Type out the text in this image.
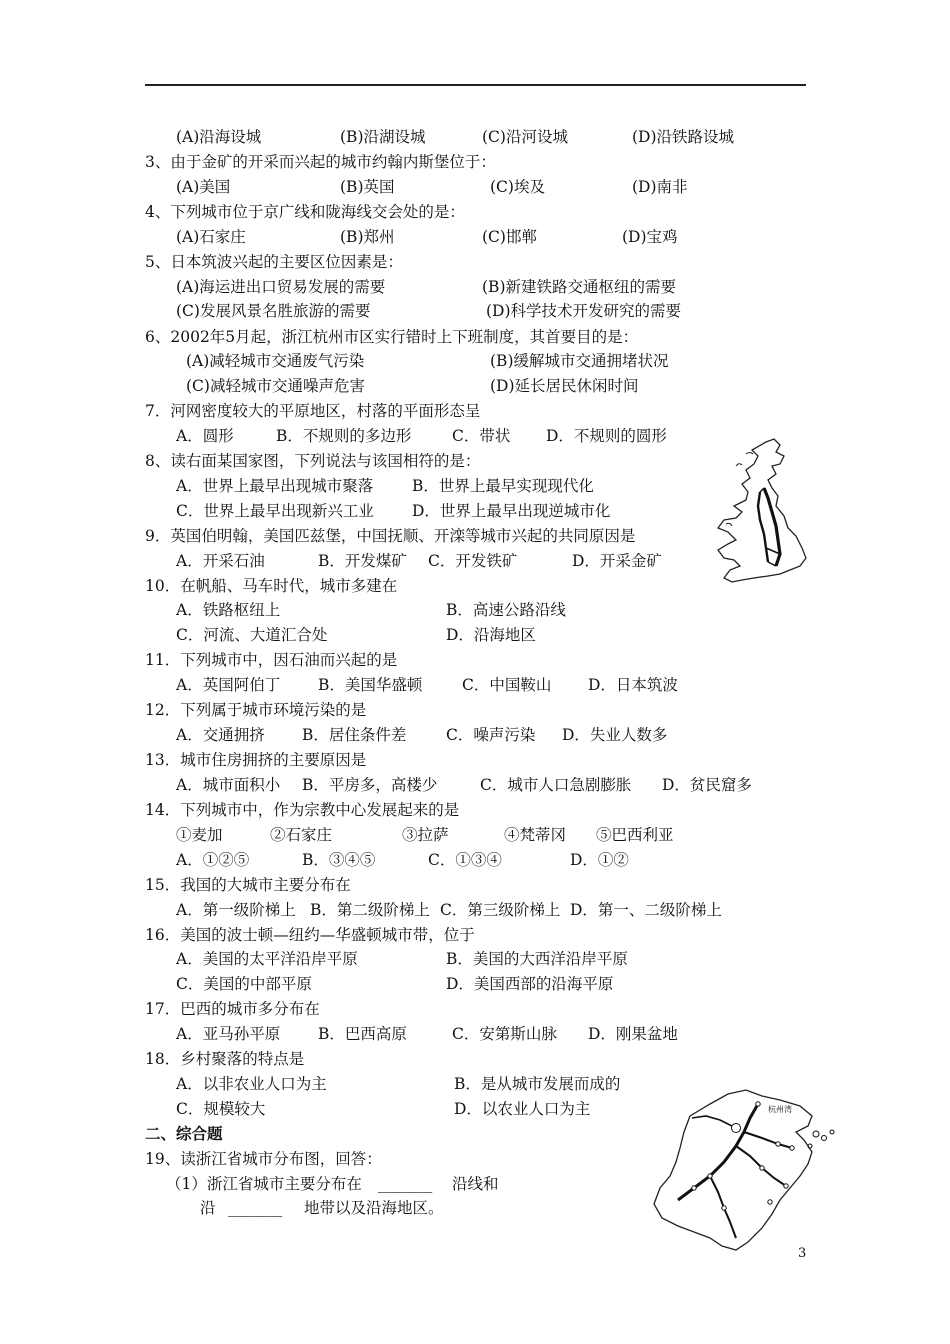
(A)沿海设城	(B)沿湖设城	(C)沿河设城	(D)沿铁路设城
3、由于金矿的开采而兴起的城市约翰内斯堡位于：
(A)美国	(B)英国	(C)埃及	(D)南非
4、下列城市位于京广线和陇海线交会处的是：
(A)石家庄	(B)郑州	(C)邯郸	(D)宝鸡
5、日本筑波兴起的主要区位因素是：
(A)海运进出口贸易发展的需要	(B)新建铁路交通枢纽的需要
(C)发展风景名胜旅游的需要	(D)科学技术开发研究的需要
6、2002年5月起，浙江杭州市区实行错时上下班制度，其首要目的是：
(A)减轻城市交通废气污染	(B)缓解城市交通拥堵状况
(C)减轻城市交通噪声危害	(D)延长居民休闲时间
7．河网密度较大的平原地区，村落的平面形态呈
A．圆形	B．不规则的多边形	C．带状 D．不规则的圆形
8、读右面某国家图，下列说法与该国相符的是：
A．世界上最早出现城市聚落	B．世界上最早实现现代化
C．世界上最早出现新兴工业 D．世界上最早出现逆城市化
9．英国伯明翰，美国匹兹堡，中国抚顺、开滦等城市兴起的共同原因是
A．开采石油	B．开发煤矿 C．开发铁矿	D．开采金矿
10．在帆船、马车时代，城市多建在
A．铁路枢纽上	B．高速公路沿线
C．河流、大道汇合处	D．沿海地区
11．下列城市中，因石油而兴起的是
A．英国阿伯丁 B．美国华盛顿	C．中国鞍山 D．日本筑波
12．下列属于城市环境污染的是
A．交通拥挤 B．居住条件差	C．噪声污染 D．失业人数多
13．城市住房拥挤的主要原因是
A．城市面积小 B．平房多，高楼少	C．城市人口急剧膨胀 D．贫民窟多
14．下列城市中，作为宗教中心发展起来的是
①麦加	②石家庄	③拉萨	④梵蒂冈 ⑤巴西利亚
A．①②⑤	B．③④⑤	C．①③④	D．①②
15．我国的大城市主要分布在
A．第一级阶梯上 B．第二级阶梯上 C．第三级阶梯上 D．第一、二级阶梯上
16．美国的波士顿—纽约—华盛顿城市带，位于
A．美国的太平洋沿岸平原	B．美国的大西洋沿岸平原
C．美国的中部平原	D．美国西部的沿海平原
17．巴西的城市多分布在
A．亚马孙平原 B．巴西高原	C．安第斯山脉 D．刚果盆地
18．乡村聚落的特点是
A．以非农业人口为主	B．是从城市发展而成的
C．规模较大	D．以农业人口为主
二、综合题
19、读浙江省城市分布图，回答：
（1）浙江省城市主要分布在 _______ 沿线和
沿 _______ 地带以及沿海地区。
杭州湾
3
